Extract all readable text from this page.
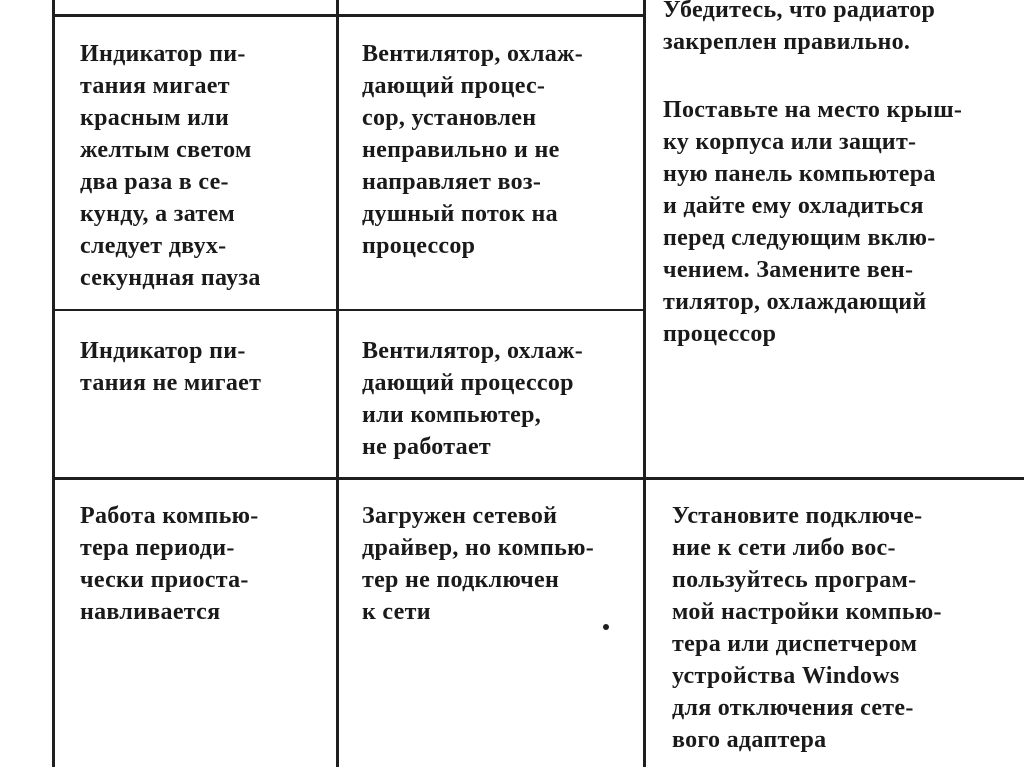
Убедитесь, что радиатор
закреплен правильно.
Поставьте на место крыш-
ку корпуса или защит-
ную панель компьютера
и дайте ему охладиться
перед следующим вклю-
чением. Замените вен-
тилятор, охлаждающий
процессор
Индикатор пи-
тания мигает
красным или
желтым светом
два раза в се-
кунду, а затем
следует двух-
секундная пауза
Вентилятор, охлаж-
дающий процес-
сор, установлен
неправильно и не
направляет воз-
душный поток на
процессор
Индикатор пи-
тания не мигает
Вентилятор, охлаж-
дающий процессор
или компьютер,
не работает
Работа компью-
тера периоди-
чески приоста-
навливается
Загружен сетевой
драйвер, но компью-
тер не подключен
к сети
Установите подключе-
ние к сети либо вос-
пользуйтесь програм-
мой настройки компью-
тера или диспетчером
устройства Windows
для отключения сете-
вого адаптера
